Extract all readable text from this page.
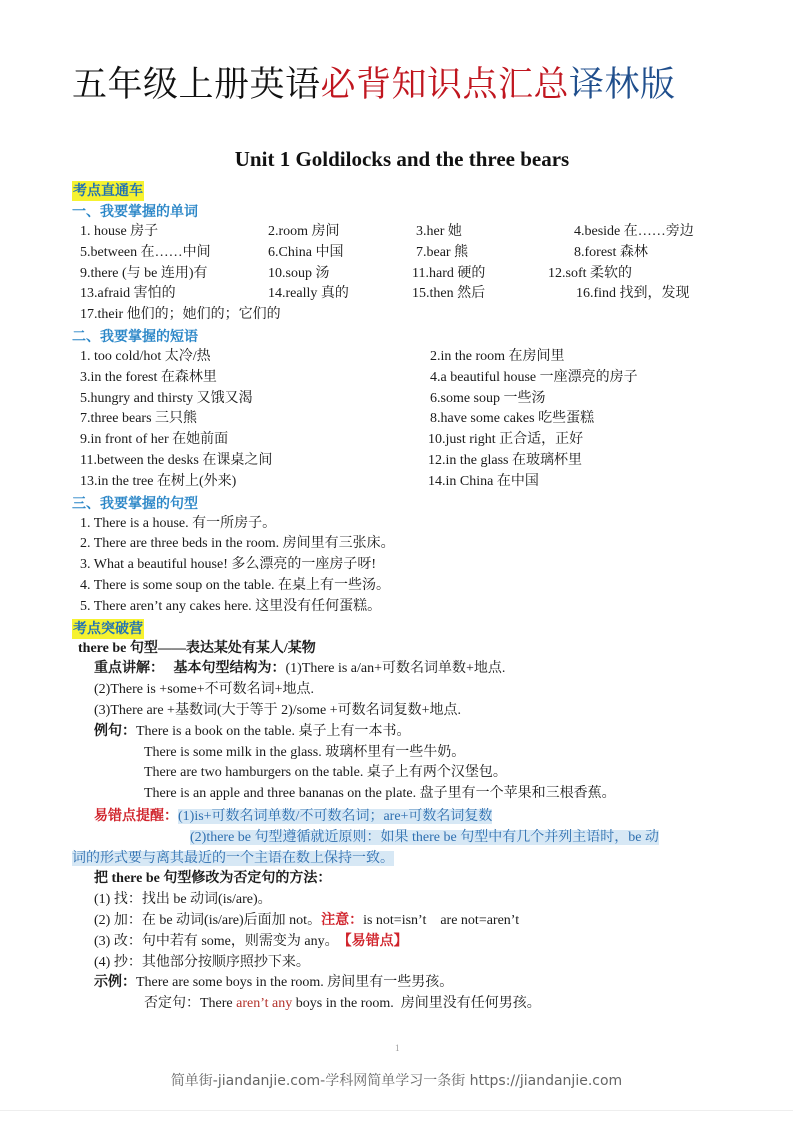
五年级上册英语必背知识点汇总译林版
Unit 1 Goldilocks and the three bears
考点直通车
一、我要掌握的单词
1. house 房子	2.room 房间	3.her 她	4.beside 在……旁边
5.between 在……中间	6.China 中国	7.bear 熊	8.forest 森林
9.there (与 be 连用)有	10.soup 汤	11.hard 硬的	12.soft 柔软的
13.afraid 害怕的	14.really 真的	15.then 然后	16.find 找到，发现
17.their 他们的；她们的；它们的
二、我要掌握的短语
1. too cold/hot 太冷/热	2.in the room 在房间里
3.in the forest 在森林里	4.a beautiful house 一座漂亮的房子
5.hungry and thirsty 又饿又渴	6.some soup 一些汤
7.three bears 三只熊	8.have some cakes 吃些蛋糕
9.in front of her 在她前面	10.just right 正合适，正好
11.between the desks 在课桌之间	12.in the glass 在玻璃杯里
13.in the tree 在树上(外来)	14.in China 在中国
三、我要掌握的句型
1. There is a house. 有一所房子。
2. There are three beds in the room. 房间里有三张床。
3. What a beautiful house! 多么漂亮的一座房子呀!
4. There is some soup on the table. 在桌上有一些汤。
5. There aren’t any cakes here. 这里没有任何蛋糕。
考点突破营
there be 句型——表达某处有某人/某物
重点讲解： 基本句型结构为：(1)There is a/an+可数名词单数+地点.
(2)There is +some+不可数名词+地点.
(3)There are +基数词(大于等于 2)/some +可数名词复数+地点.
例句：There is a book on the table. 桌子上有一本书。
There is some milk in the glass. 玻璃杯里有一些牛奶。
There are two hamburgers on the table. 桌子上有两个汉堡包。
There is an apple and three bananas on the plate. 盘子里有一个苹果和三根香蕉。
易错点提醒：(1)is+可数名词单数/不可数名词；are+可数名词复数
(2)there be 句型遵循就近原则：如果 there be 句型中有几个并列主语时，be 动
词的形式要与离其最近的一个主语在数上保持一致。
把 there be 句型修改为否定句的方法：
(1) 找：找出 be 动词(is/are)。
(2) 加：在 be 动词(is/are)后面加 not。注意：is not=isn’t    are not=aren’t
(3) 改：句中若有 some，则需变为 any。 【易错点】
(4) 抄：其他部分按顺序照抄下来。
示例：There are some boys in the room. 房间里有一些男孩。
否定句：There aren’t any boys in the room.  房间里没有任何男孩。
1
简单街-jiandanjie.com-学科网简单学习一条街 https://jiandanjie.com
